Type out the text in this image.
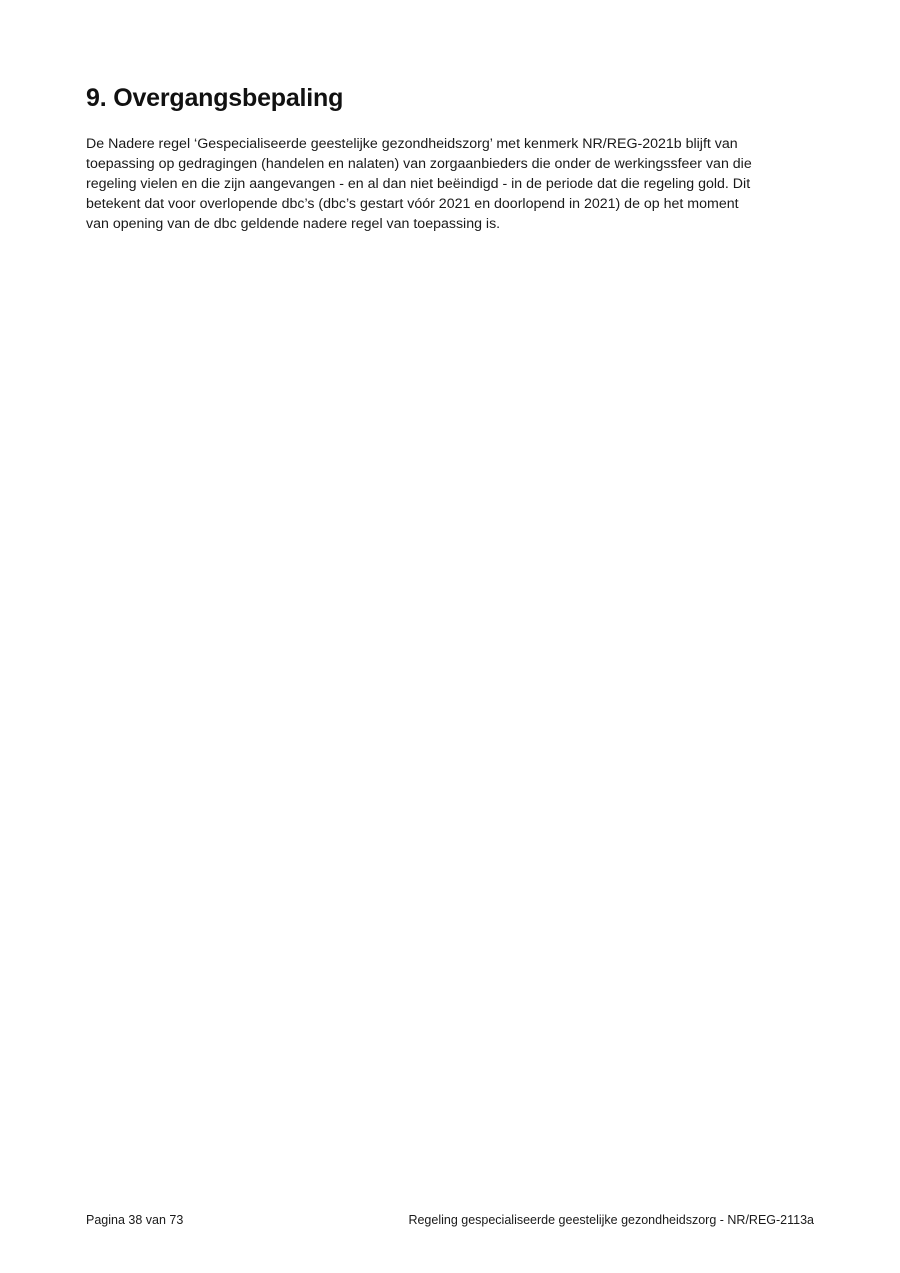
9. Overgangsbepaling

De Nadere regel ‘Gespecialiseerde geestelijke gezondheidszorg’ met kenmerk NR/REG-2021b blijft van
toepassing op gedragingen (handelen en nalaten) van zorgaanbieders die onder de werkingssfeer van die
regeling vielen en die zijn aangevangen - en al dan niet beëindigd - in de periode dat die regeling gold. Dit
betekent dat voor overlopende dbc’s (dbc’s gestart vóór 2021 en doorlopend in 2021) de op het moment
van opening van de dbc geldende nadere regel van toepassing is.

Pagina 38 van 73	Regeling gespecialiseerde geestelijke gezondheidszorg - NR/REG-2113a
